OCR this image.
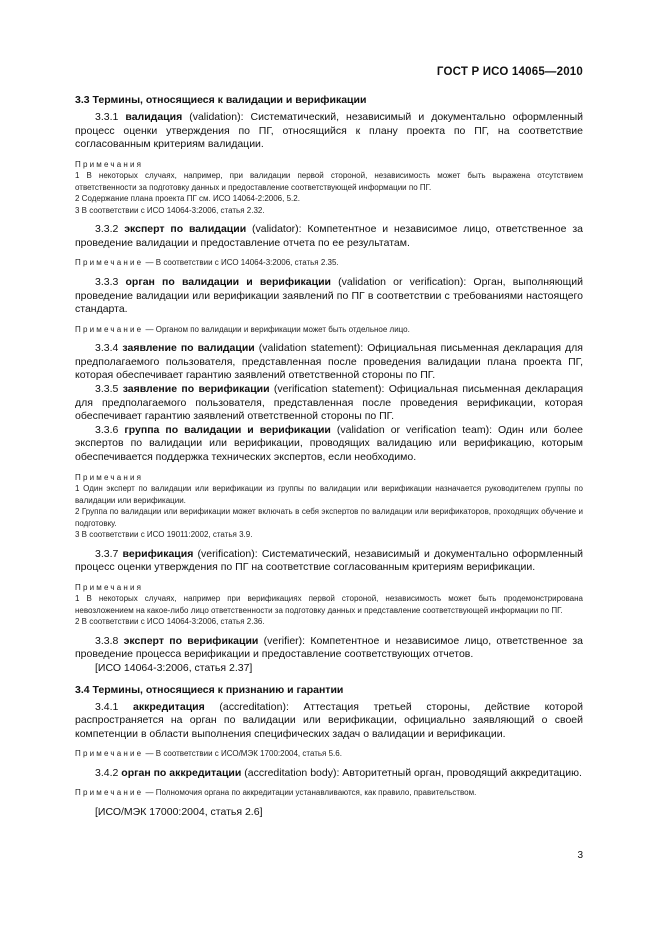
ГОСТ Р ИСО 14065—2010
3.3 Термины, относящиеся к валидации и верификации

3.3.1 валидация (validation): Систематический, независимый и документально оформленный процесс оценки утверждения по ПГ, относящийся к плану проекта по ПГ, на соответствие согласованным критериям валидации.

Примечания
1 В некоторых случаях, например, при валидации первой стороной, независимость может быть выражена отсутствием ответственности за подготовку данных и предоставление соответствующей информации по ПГ.
2 Содержание плана проекта ПГ см. ИСО 14064-2:2006, 5.2.
3 В соответствии с ИСО 14064-3:2006, статья 2.32.

3.3.2 эксперт по валидации (validator): Компетентное и независимое лицо, ответственное за проведение валидации и предоставление отчета по ее результатам.

Примечание — В соответствии с ИСО 14064-3:2006, статья 2.35.

3.3.3 орган по валидации и верификации (validation or verification): Орган, выполняющий проведение валидации или верификации заявлений по ПГ в соответствии с требованиями настоящего стандарта.

Примечание — Органом по валидации и верификации может быть отдельное лицо.

3.3.4 заявление по валидации (validation statement): Официальная письменная декларация для предполагаемого пользователя, представленная после проведения валидации плана проекта ПГ, которая обеспечивает гарантию заявлений ответственной стороны по ПГ.

3.3.5 заявление по верификации (verification statement): Официальная письменная декларация для предполагаемого пользователя, представленная после проведения верификации, которая обеспечивает гарантию заявлений ответственной стороны по ПГ.

3.3.6 группа по валидации и верификации (validation or verification team): Один или более экспертов по валидации или верификации, проводящих валидацию или верификацию, которым обеспечивается поддержка технических экспертов, если необходимо.

Примечания
1 Один эксперт по валидации или верификации из группы по валидации или верификации назначается руководителем группы по валидации или верификации.
2 Группа по валидации или верификации может включать в себя экспертов по валидации или верификаторов, проходящих обучение и подготовку.
3 В соответствии с ИСО 19011:2002, статья 3.9.

3.3.7 верификация (verification): Систематический, независимый и документально оформленный процесс оценки утверждения по ПГ на соответствие согласованным критериям верификации.

Примечания
1 В некоторых случаях, например при верификациях первой стороной, независимость может быть продемонстрирована невозложением на какое-либо лицо ответственности за подготовку данных и представление соответствующей информации по ПГ.
2 В соответствии с ИСО 14064-3:2006, статья 2.36.

3.3.8 эксперт по верификации (verifier): Компетентное и независимое лицо, ответственное за проведение процесса верификации и предоставление соответствующих отчетов.

[ИСО 14064-3:2006, статья 2.37]

3.4 Термины, относящиеся к признанию и гарантии

3.4.1 аккредитация (accreditation): Аттестация третьей стороны, действие которой распространяется на орган по валидации или верификации, официально заявляющий о своей компетенции в области выполнения специфических задач о валидации и верификации.

Примечание — В соответствии с ИСО/МЭК 1700:2004, статья 5.6.

3.4.2 орган по аккредитации (accreditation body): Авторитетный орган, проводящий аккредитацию.

Примечание — Полномочия органа по аккредитации устанавливаются, как правило, правительством.

[ИСО/МЭК 17000:2004, статья 2.6]

3
